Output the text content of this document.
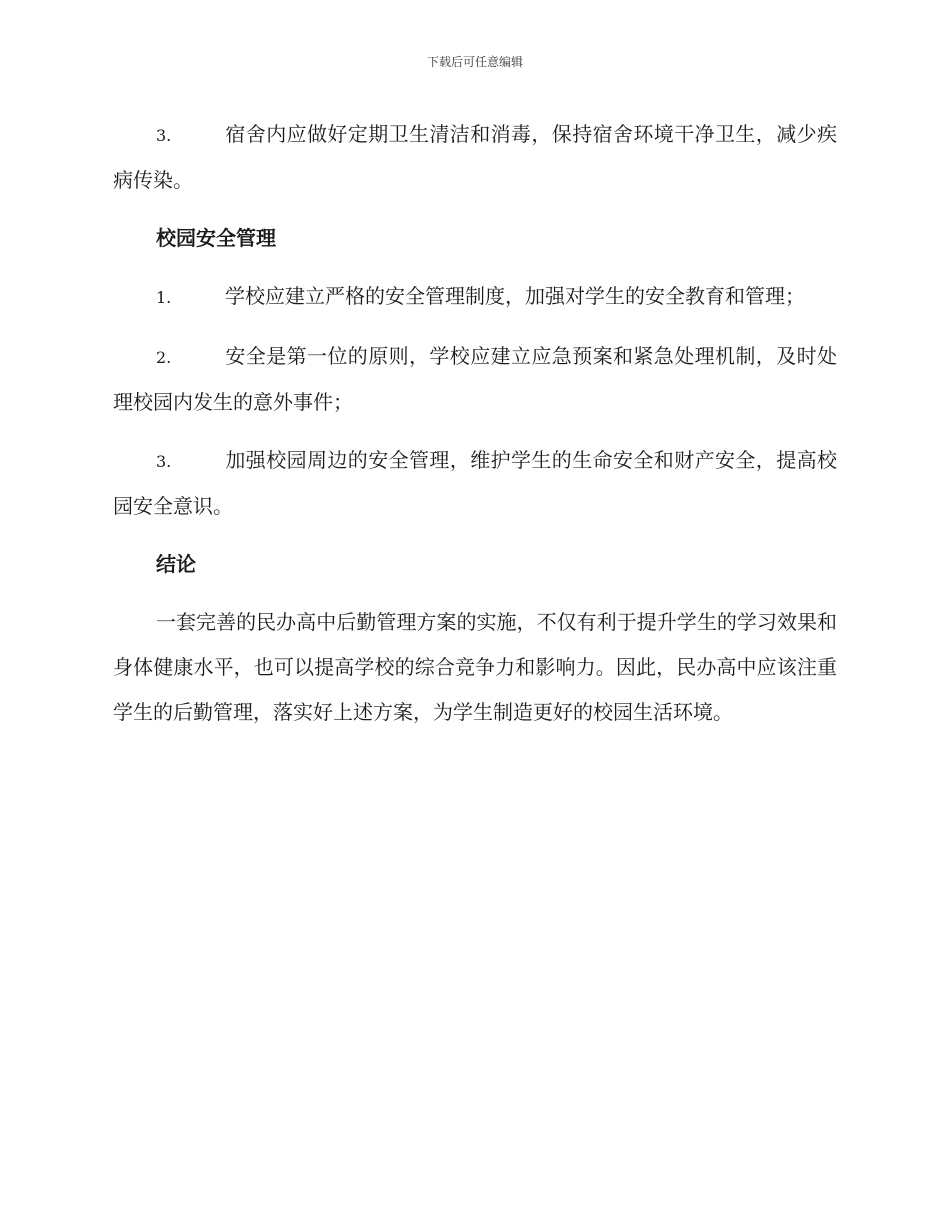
下载后可任意编辑

3.	宿舍内应做好定期卫生清洁和消毒，保持宿舍环境干净卫生，减少疾病传染。

校园安全管理

1.	学校应建立严格的安全管理制度，加强对学生的安全教育和管理；

2.	安全是第一位的原则，学校应建立应急预案和紧急处理机制，及时处理校园内发生的意外事件；

3.	加强校园周边的安全管理，维护学生的生命安全和财产安全，提高校园安全意识。

结论

一套完善的民办高中后勤管理方案的实施，不仅有利于提升学生的学习效果和身体健康水平，也可以提高学校的综合竞争力和影响力。因此，民办高中应该注重学生的后勤管理，落实好上述方案，为学生制造更好的校园生活环境。
